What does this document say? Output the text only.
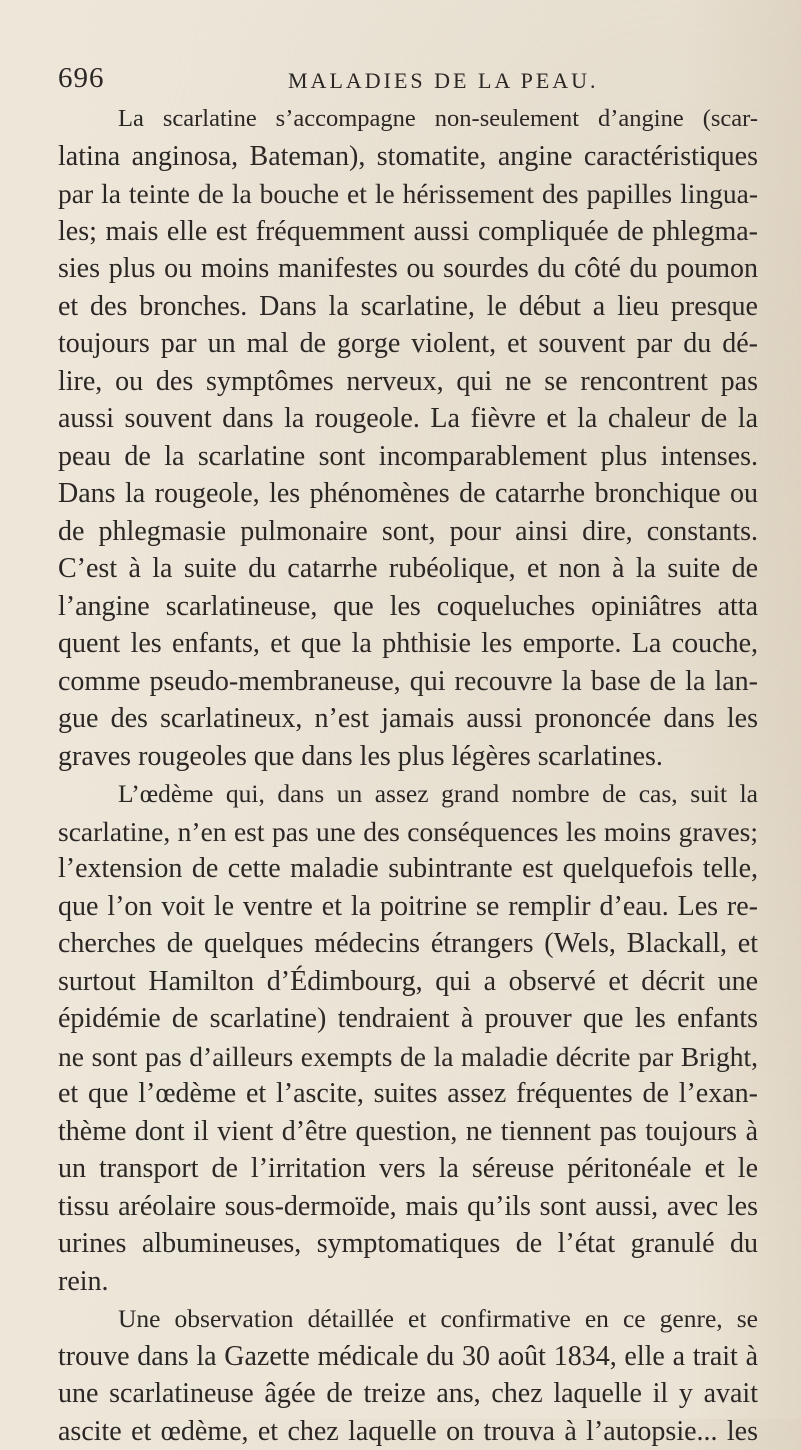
696	MALADIES DE LA PEAU.
La scarlatine s’accompagne non-seulement d’angine (scar-
latina anginosa, Bateman), stomatite, angine caractéristiques
par la teinte de la bouche et le hérissement des papilles lingua-
les; mais elle est fréquemment aussi compliquée de phlegma-
sies plus ou moins manifestes ou sourdes du côté du poumon
et des bronches. Dans la scarlatine, le début a lieu presque
toujours par un mal de gorge violent, et souvent par du dé-
lire, ou des symptômes nerveux, qui ne se rencontrent pas
aussi souvent dans la rougeole. La fièvre et la chaleur de la
peau de la scarlatine sont incomparablement plus intenses.
Dans la rougeole, les phénomènes de catarrhe bronchique ou
de phlegmasie pulmonaire sont, pour ainsi dire, constants.
C’est à la suite du catarrhe rubéolique, et non à la suite de
l’angine scarlatineuse, que les coqueluches opiniâtres atta
quent les enfants, et que la phthisie les emporte. La couche,
comme pseudo-membraneuse, qui recouvre la base de la lan-
gue des scarlatineux, n’est jamais aussi prononcée dans les
graves rougeoles que dans les plus légères scarlatines.
L’œdème qui, dans un assez grand nombre de cas, suit la
scarlatine, n’en est pas une des conséquences les moins graves;
l’extension de cette maladie subintrante est quelquefois telle,
que l’on voit le ventre et la poitrine se remplir d’eau. Les re-
cherches de quelques médecins étrangers (Wels, Blackall, et
surtout Hamilton d’Édimbourg, qui a observé et décrit une
épidémie de scarlatine) tendraient à prouver que les enfants
ne sont pas d’ailleurs exempts de la maladie décrite par Bright,
et que l’œdème et l’ascite, suites assez fréquentes de l’exan-
thème dont il vient d’être question, ne tiennent pas toujours à
un transport de l’irritation vers la séreuse péritonéale et le
tissu aréolaire sous-dermoïde, mais qu’ils sont aussi, avec les
urines albumineuses, symptomatiques de l’état granulé du
rein.
Une observation détaillée et confirmative en ce genre, se
trouve dans la Gazette médicale du 30 août 1834, elle a trait à
une scarlatineuse âgée de treize ans, chez laquelle il y avait
ascite et œdème, et chez laquelle on trouva à l’autopsie... les
